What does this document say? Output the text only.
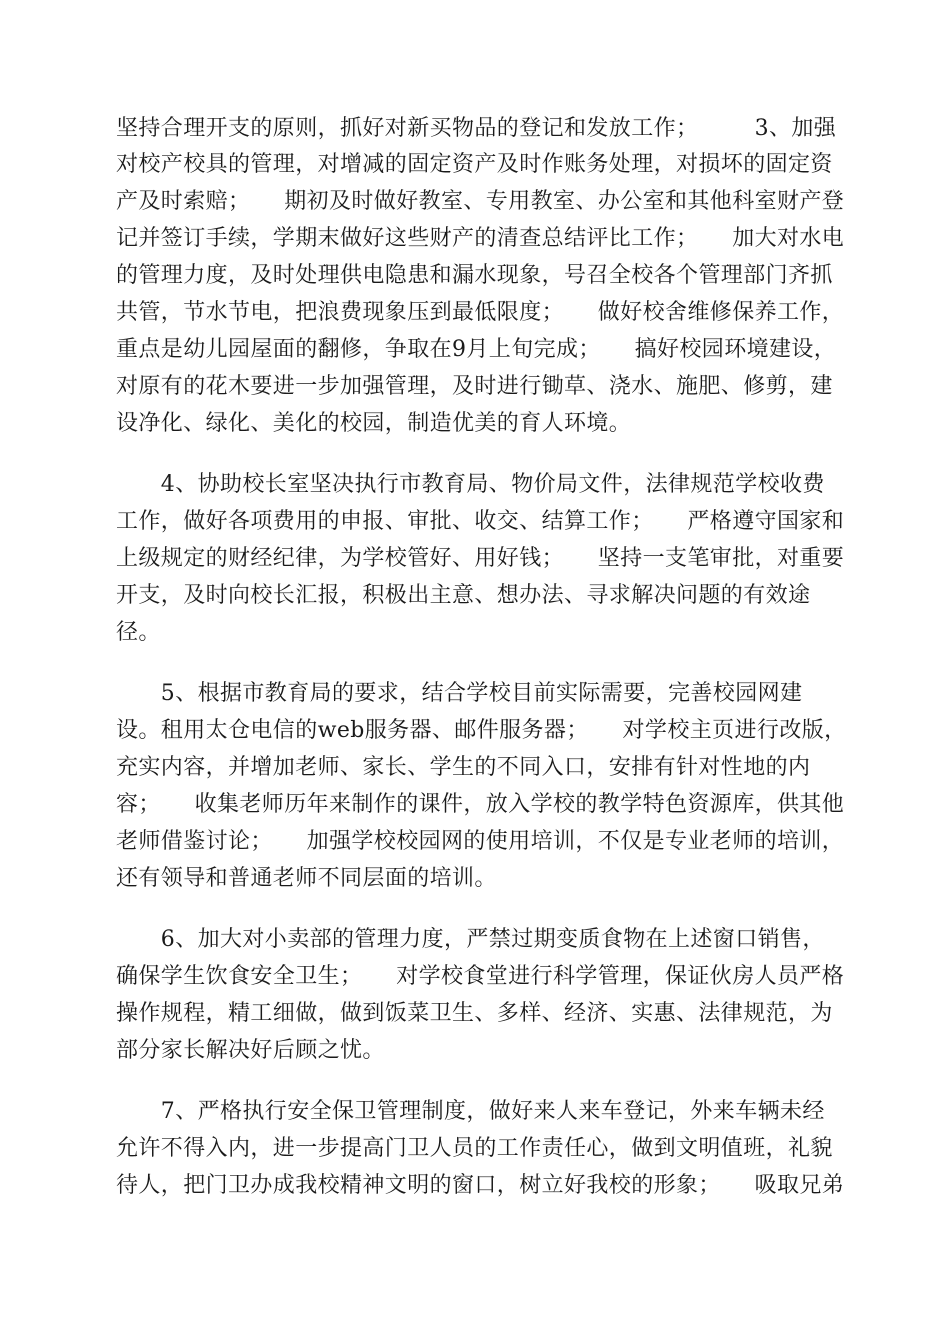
坚持合理开支的原则，抓好对新买物品的登记和发放工作；　　　3、加强

对校产校具的管理，对增减的固定资产及时作账务处理，对损坏的固定资

产及时索赔；　　期初及时做好教室、专用教室、办公室和其他科室财产登

记并签订手续，学期末做好这些财产的清查总结评比工作；　　加大对水电

的管理力度，及时处理供电隐患和漏水现象，号召全校各个管理部门齐抓

共管，节水节电，把浪费现象压到最低限度；　　做好校舍维修保养工作，

重点是幼儿园屋面的翻修，争取在9月上旬完成；　　搞好校园环境建设，

对原有的花木要进一步加强管理，及时进行锄草、浇水、施肥、修剪，建

设净化、绿化、美化的校园，制造优美的育人环境。

　　4、协助校长室坚决执行市教育局、物价局文件，法律规范学校收费

工作，做好各项费用的申报、审批、收交、结算工作；　　严格遵守国家和

上级规定的财经纪律，为学校管好、用好钱；　　坚持一支笔审批，对重要

开支，及时向校长汇报，积极出主意、想办法、寻求解决问题的有效途

径。

　　5、根据市教育局的要求，结合学校目前实际需要，完善校园网建

设。租用太仓电信的web服务器、邮件服务器；　　对学校主页进行改版，

充实内容，并增加老师、家长、学生的不同入口，安排有针对性地的内

容；　　收集老师历年来制作的课件，放入学校的教学特色资源库，供其他

老师借鉴讨论；　　加强学校校园网的使用培训，不仅是专业老师的培训，

还有领导和普通老师不同层面的培训。

　　6、加大对小卖部的管理力度，严禁过期变质食物在上述窗口销售，

确保学生饮食安全卫生；　　对学校食堂进行科学管理，保证伙房人员严格

操作规程，精工细做，做到饭菜卫生、多样、经济、实惠、法律规范，为

部分家长解决好后顾之忧。

　　7、严格执行安全保卫管理制度，做好来人来车登记，外来车辆未经

允许不得入内，进一步提高门卫人员的工作责任心，做到文明值班，礼貌

待人，把门卫办成我校精神文明的窗口，树立好我校的形象；　　吸取兄弟
